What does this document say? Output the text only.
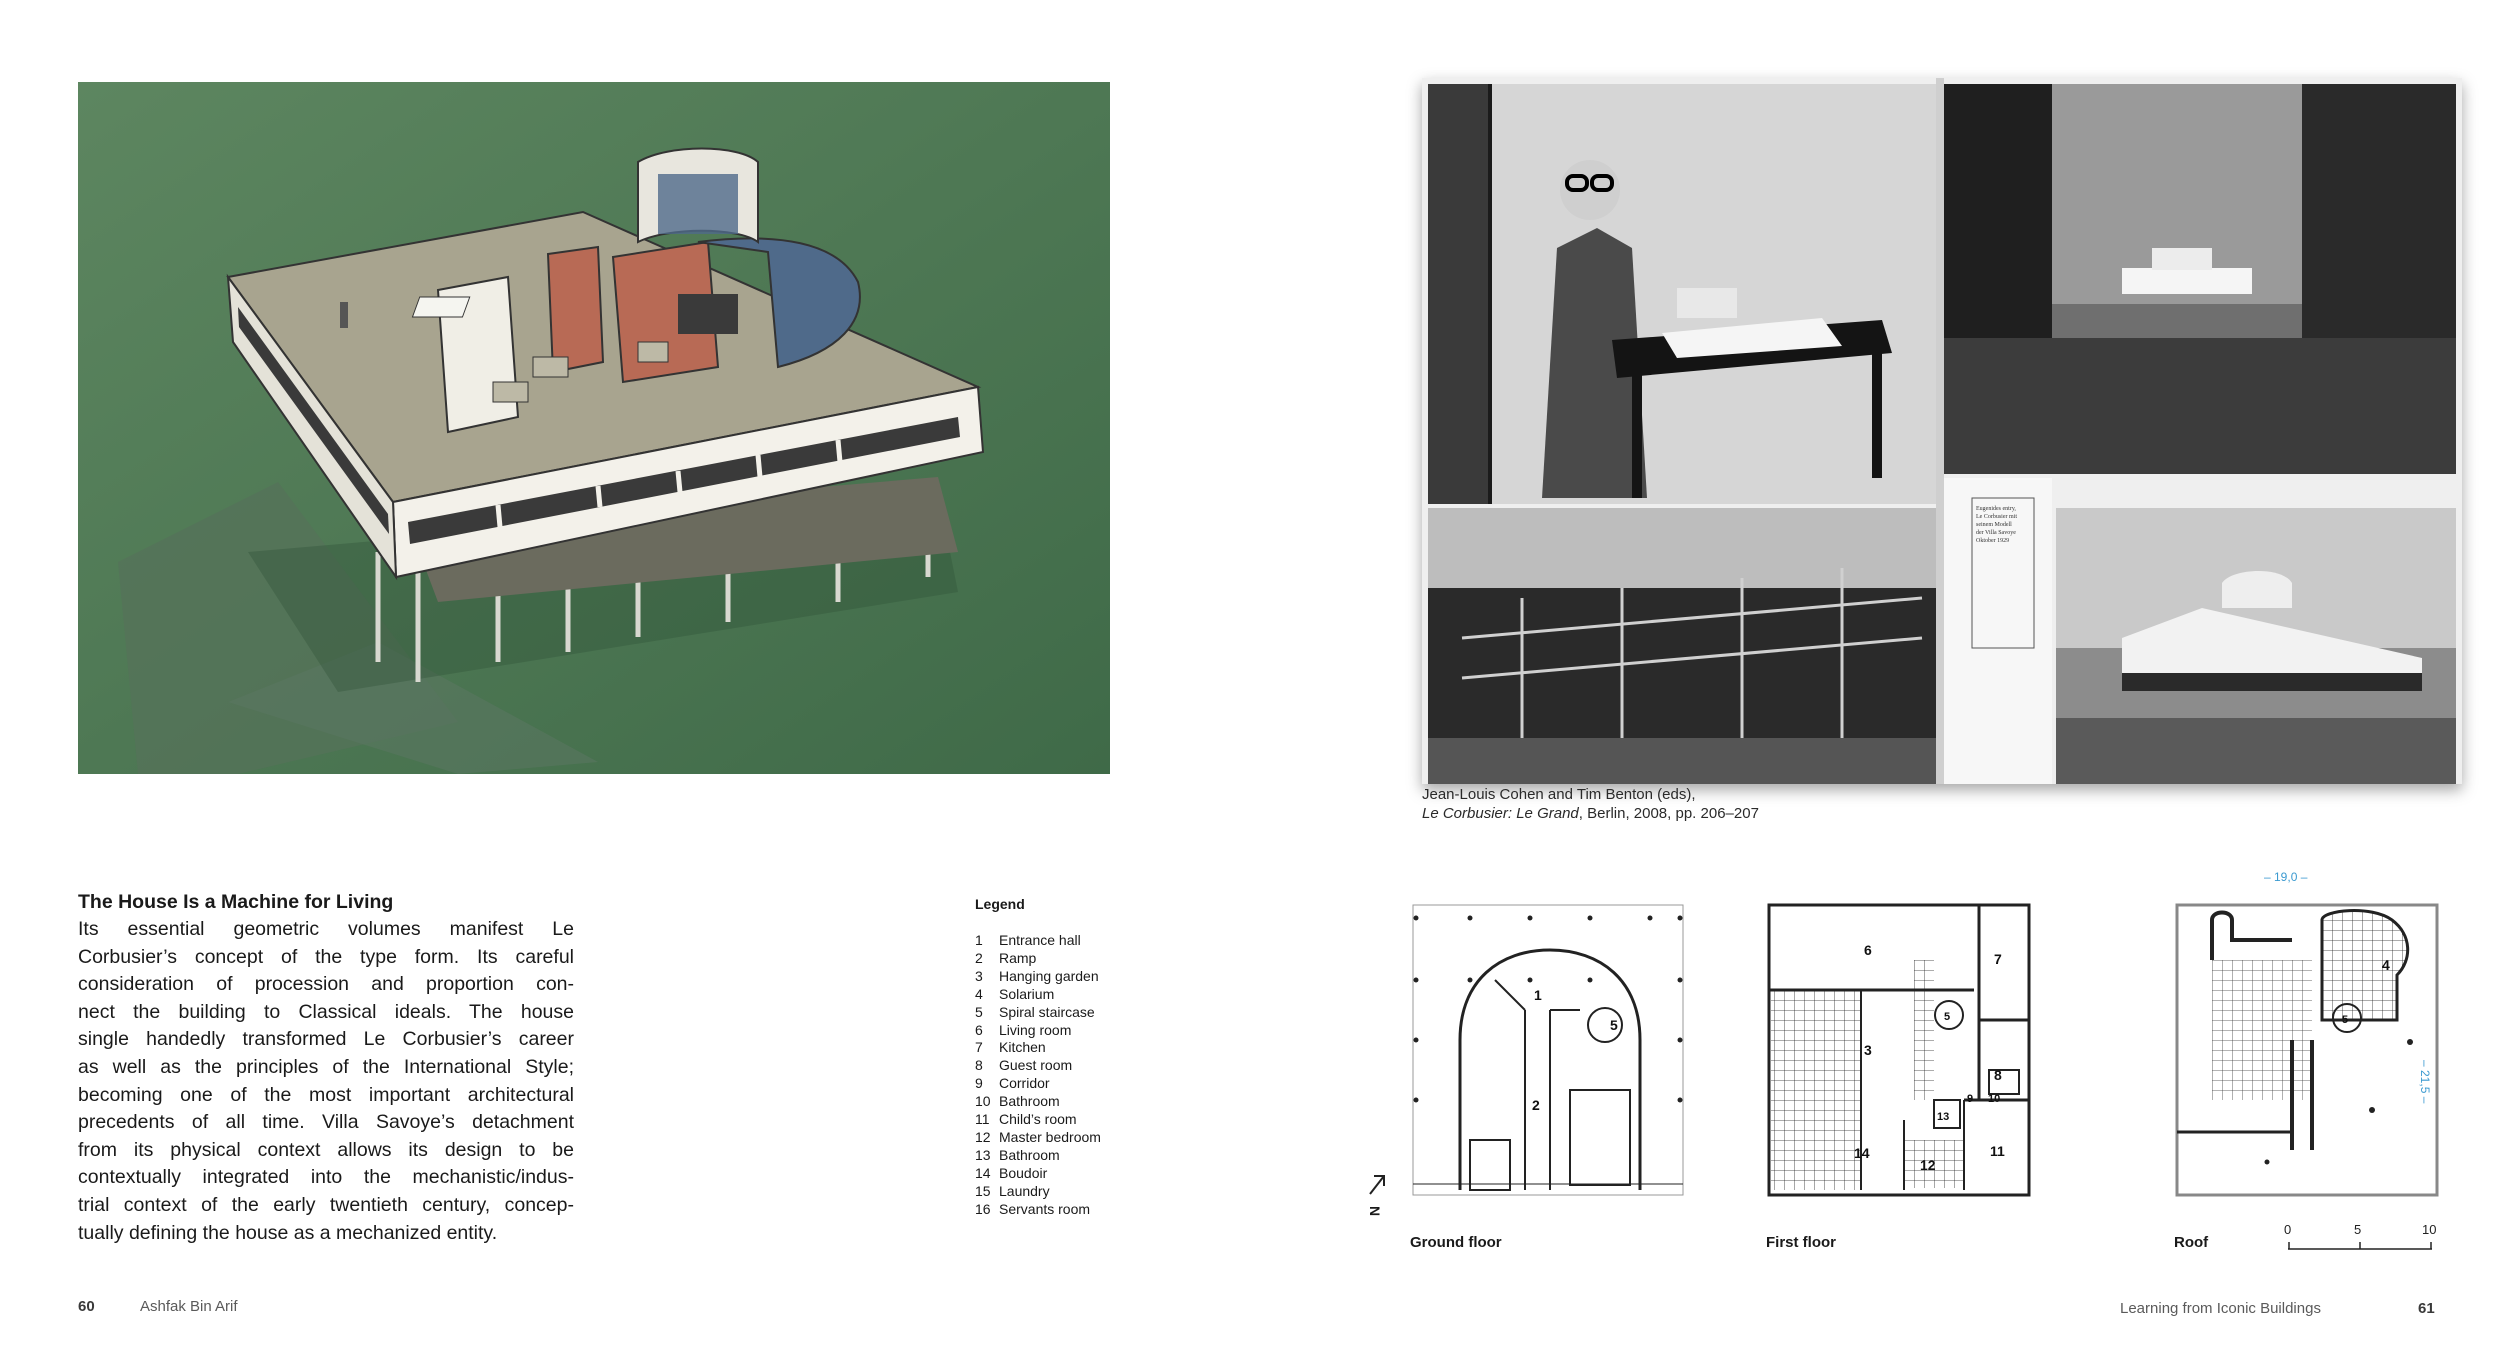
Eugenides entry,
Le Corbusier mit
seinem Modell
der Villa Savoye
Oktober 1929
Jean-Louis Cohen and Tim Benton (eds),
Le Corbusier: Le Grand, Berlin, 2008, pp. 206–207
The House Is a Machine for Living
Its essential geometric volumes manifest Le
Corbusier’s concept of the type form. Its careful
consideration of procession and proportion con-
nect the building to Classical ideals. The house
single handedly transformed Le Corbusier’s career
as well as the principles of the International Style;
becoming one of the most important architectural
precedents of all time. Villa Savoye’s detachment
from its physical context allows its design to be
contextually integrated into the mechanistic/indus-
trial context of the early twentieth century, concep-
tually defining the house as a mechanized entity.
Legend
1	Entrance hall
2	Ramp
3	Hanging garden
4	Solarium
5	Spiral staircase
6	Living room
7	Kitchen
8	Guest room
9	Corridor
10 Bathroom
11 Child’s room
12 Master bedroom
13 Bathroom
14 Boudoir
15 Laundry
16 Servants room	N
1
2
5
6
7
3
5
8
9 10
13
14
12
11
4
5
– 19,0 –
– 21,5 –
Ground floor	First floor	Roof
0	5	10
60	Ashfak Bin Arif	Learning from Iconic Buildings	61
